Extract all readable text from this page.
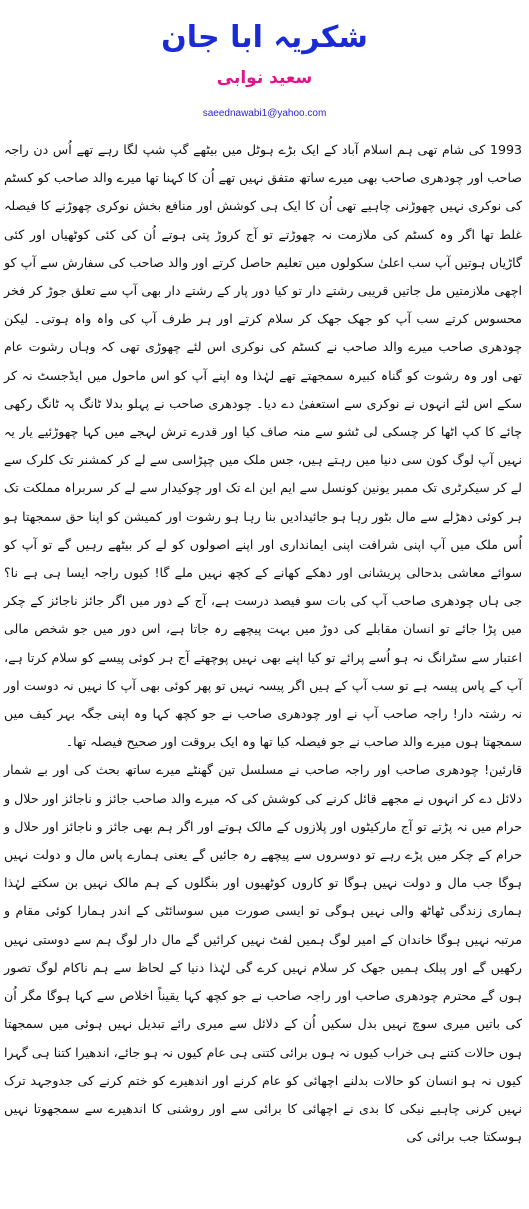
شکریہ ابا جان
سعید نوابی
saeednawabi1@yahoo.com

1993 کی شام تھی ہم اسلام آباد کے ایک بڑے ہوٹل میں بیٹھے گپ شپ لگا رہے تھے اُس دن راجہ صاحب اور چودھری صاحب بھی میرے ساتھ متفق نہیں تھے اُن کا کہنا تھا میرے والد صاحب کو کسٹم کی نوکری نہیں چھوڑنی چاہیے تھی اُن کا ایک ہی کوشش اور منافع بخش نوکری چھوڑنے کا فیصلہ غلط تھا اگر وہ کسٹم کی ملازمت نہ چھوڑتے تو آج کروڑ پتی ہوتے اُن کی کئی کوٹھیاں اور کئی گاڑیاں ہوتیں آپ سب اعلیٰ سکولوں میں تعلیم حاصل کرتے اور والد صاحب کی سفارش سے آپ کو اچھی ملازمتیں مل جاتیں قریبی رشتے دار تو کیا دور پار کے رشتے دار بھی آپ سے تعلق جوڑ کر فخر محسوس کرتے سب آپ کو جھک جھک کر سلام کرتے اور ہر طرف آپ کی واہ واہ ہوتی۔ لیکن چودھری صاحب میرے والد صاحب نے کسٹم کی نوکری اس لئے چھوڑی تھی کہ وہاں رشوت عام تھی اور وہ رشوت کو گناہ کبیرہ سمجھتے تھے لہٰذا وہ اپنے آپ کو اس ماحول میں ایڈجسٹ نہ کر سکے اس لئے انہوں نے نوکری سے استعفیٰ دے دیا۔ چودھری صاحب نے پہلو بدلا ٹانگ پہ ٹانگ رکھی چائے کا کپ اٹھا کر چسکی لی ٹشو سے منہ صاف کیا اور قدرے ترش لہجے میں کہا چھوڑئیے یار یہ نہیں آپ لوگ کون سی دنیا میں رہتے ہیں، جس ملک میں چپڑاسی سے لے کر کمشنر تک کلرک سے لے کر سیکرٹری تک ممبر یونین کونسل سے ایم این اے تک اور چوکیدار سے لے کر سربراہ مملکت تک ہر کوئی دھڑلے سے مال بٹور رہا ہو جائیدادیں بنا رہا ہو رشوت اور کمیشن کو اپنا حق سمجھتا ہو اُس ملک میں آپ اپنی شرافت اپنی ایمانداری اور اپنے اصولوں کو لے کر بیٹھے رہیں گے تو آپ کو سوائے معاشی بدحالی پریشانی اور دھکے کھانے کے کچھ نہیں ملے گا! کیوں راجہ ایسا ہی ہے نا؟ جی ہاں چودھری صاحب آپ کی بات سو فیصد درست ہے، آج کے دور میں اگر جائز ناجائز کے چکر میں پڑا جائے تو انسان مقابلے کی دوڑ میں بہت پیچھے رہ جاتا ہے، اس دور میں جو شخص مالی اعتبار سے سٹرانگ نہ ہو اُسے پرائے تو کیا اپنے بھی نہیں پوچھتے آج ہر کوئی پیسے کو سلام کرتا ہے، آپ کے پاس پیسہ ہے تو سب آپ کے ہیں اگر پیسہ نہیں تو پھر کوئی بھی آپ کا نہیں نہ دوست اور نہ رشتہ دار! راجہ صاحب آپ نے اور چودھری صاحب نے جو کچھ کہا وہ اپنی جگہ بہر کیف میں سمجھتا ہوں میرے والد صاحب نے جو فیصلہ کیا تھا وہ ایک بروقت اور صحیح فیصلہ تھا۔

قارئین! چودھری صاحب اور راجہ صاحب نے مسلسل تین گھنٹے میرے ساتھ بحث کی اور بے شمار دلائل دے کر انہوں نے مجھے قائل کرنے کی کوشش کی کہ میرے والد صاحب جائز و ناجائز اور حلال و حرام میں نہ پڑتے تو آج مارکیٹوں اور پلازوں کے مالک ہوتے اور اگر ہم بھی جائز و ناجائز اور حلال و حرام کے چکر میں پڑے رہے تو دوسروں سے پیچھے رہ جائیں گے یعنی ہمارے پاس مال و دولت نہیں ہوگا جب مال و دولت نہیں ہوگا تو کاروں کوٹھیوں اور بنگلوں کے ہم مالک نہیں بن سکتے لہٰذا ہماری زندگی ٹھاٹھ والی نہیں ہوگی تو ایسی صورت میں سوسائٹی کے اندر ہمارا کوئی مقام و مرتبہ نہیں ہوگا خاندان کے امیر لوگ ہمیں لفٹ نہیں کرائیں گے مال دار لوگ ہم سے دوستی نہیں رکھیں گے اور پبلک ہمیں جھک کر سلام نہیں کرے گی لہٰذا دنیا کے لحاظ سے ہم ناکام لوگ تصور ہوں گے محترم چودھری صاحب اور راجہ صاحب نے جو کچھ کہا یقیناً اخلاص سے کہا ہوگا مگر اُن کی باتیں میری سوچ نہیں بدل سکیں اُن کے دلائل سے میری رائے تبدیل نہیں ہوئی میں سمجھتا ہوں حالات کتنے ہی خراب کیوں نہ ہوں برائی کتنی ہی عام کیوں نہ ہو جائے، اندھیرا کتنا ہی گہرا کیوں نہ ہو انسان کو حالات بدلنے اچھائی کو عام کرنے اور اندھیرے کو ختم کرنے کی جدوجہد ترک نہیں کرنی چاہیے نیکی کا بدی نے اچھائی کا برائی سے اور روشنی کا اندھیرے سے سمجھوتا نہیں ہوسکتا جب برائی کی
